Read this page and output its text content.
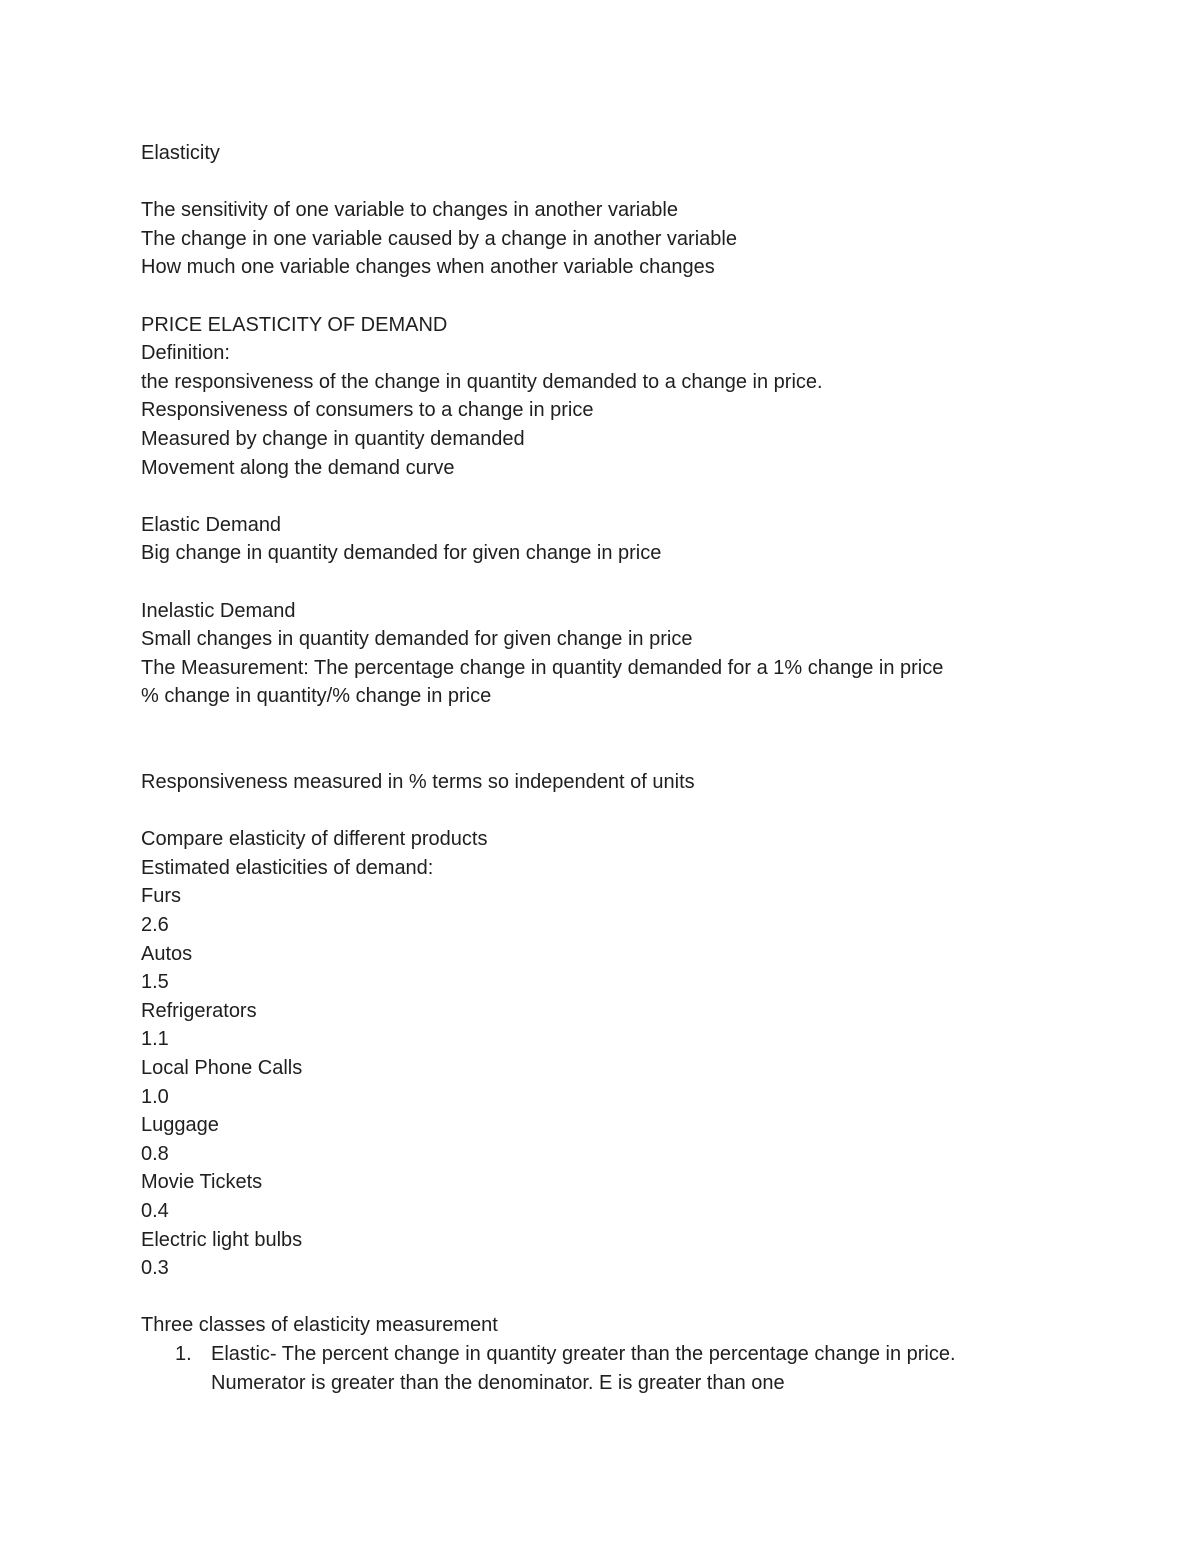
Elasticity
The sensitivity of one variable to changes in another variable
The change in one variable caused by a change in another variable
How much one variable changes when another variable changes
PRICE ELASTICITY OF DEMAND
Definition:
the responsiveness of the change in quantity demanded to a change in price.
Responsiveness of consumers to a change in price
Measured by change in quantity demanded
Movement along the demand curve
Elastic Demand
Big change in quantity demanded for given change in price
Inelastic Demand
Small changes in quantity demanded for given change in price
The Measurement: The percentage change in quantity demanded for a 1% change in price
% change in quantity/% change in price
Responsiveness measured in % terms so independent of units
Compare elasticity of different products
Estimated elasticities of demand:
Furs
2.6
Autos
1.5
Refrigerators
1.1
Local Phone Calls
1.0
Luggage
0.8
Movie Tickets
0.4
Electric light bulbs
0.3
Three classes of elasticity measurement
1. Elastic- The percent change in quantity greater than the percentage change in price.
Numerator is greater than the denominator. E is greater than one
